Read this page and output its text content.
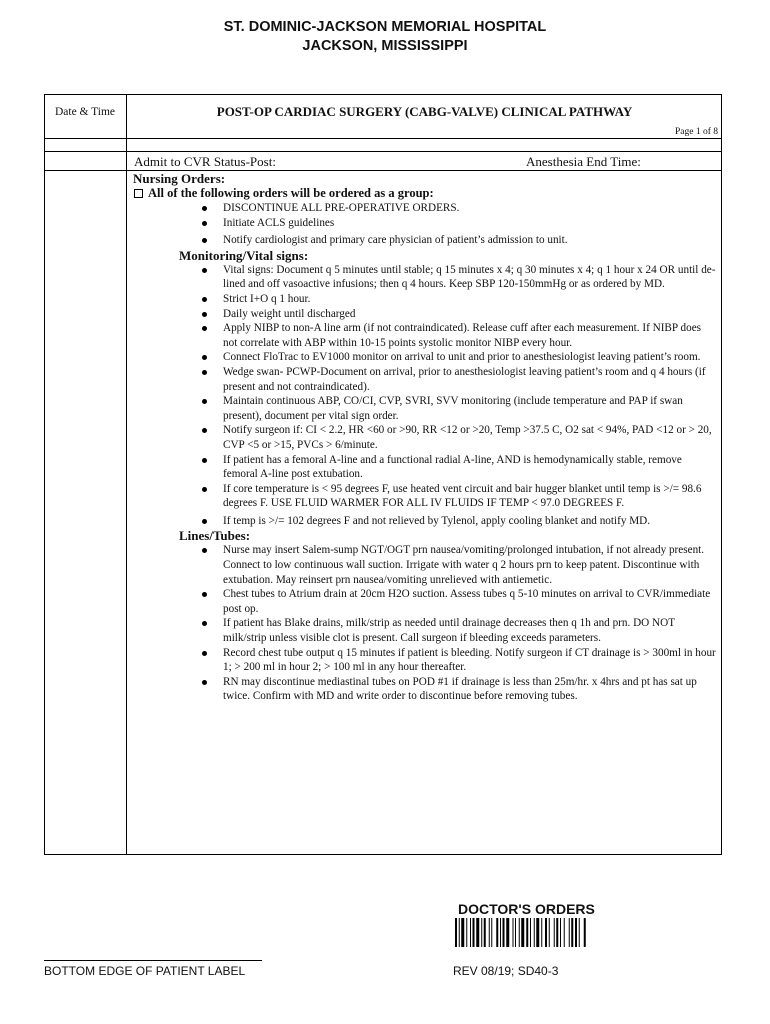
ST. DOMINIC-JACKSON MEMORIAL HOSPITAL
JACKSON, MISSISSIPPI
Date & Time	POST-OP CARDIAC SURGERY (CABG-VALVE) CLINICAL PATHWAY
Page 1 of 8
Admit to CVR Status-Post:	Anesthesia End Time:
Nursing Orders:
All of the following orders will be ordered as a group:
DISCONTINUE ALL PRE-OPERATIVE ORDERS.
Initiate ACLS guidelines
Notify cardiologist and primary care physician of patient’s admission to unit.
Monitoring/Vital signs:
Vital signs: Document q 5 minutes until stable; q 15 minutes x 4; q 30 minutes x 4; q 1 hour x 24 OR until de-lined and off vasoactive infusions; then q 4 hours. Keep SBP 120-150mmHg or as ordered by MD.
Strict I+O q 1 hour.
Daily weight until discharged
Apply NIBP to non-A line arm (if not contraindicated). Release cuff after each measurement. If NIBP does not correlate with ABP within 10-15 points systolic monitor NIBP every hour.
Connect FloTrac to EV1000 monitor on arrival to unit and prior to anesthesiologist leaving patient’s room.
Wedge swan- PCWP-Document on arrival, prior to anesthesiologist leaving patient’s room and q 4 hours (if present and not contraindicated).
Maintain continuous ABP, CO/CI, CVP, SVRI, SVV monitoring (include temperature and PAP if swan present), document per vital sign order.
Notify surgeon if: CI < 2.2, HR <60 or >90, RR <12 or >20, Temp >37.5 C, O2 sat < 94%, PAD <12 or > 20, CVP <5 or >15, PVCs > 6/minute.
If patient has a femoral A-line and a functional radial A-line, AND is hemodynamically stable, remove femoral A-line post extubation.
If core temperature is < 95 degrees F, use heated vent circuit and bair hugger blanket until temp is >/= 98.6 degrees F. USE FLUID WARMER FOR ALL IV FLUIDS IF TEMP < 97.0 DEGREES F.
If temp is >/= 102 degrees F and not relieved by Tylenol, apply cooling blanket and notify MD.
Lines/Tubes:
Nurse may insert Salem-sump NGT/OGT prn nausea/vomiting/prolonged intubation, if not already present. Connect to low continuous wall suction. Irrigate with water q 2 hours prn to keep patent. Discontinue with extubation. May reinsert prn nausea/vomiting unrelieved with antiemetic.
Chest tubes to Atrium drain at 20cm H2O suction. Assess tubes q 5-10 minutes on arrival to CVR/immediate post op.
If patient has Blake drains, milk/strip as needed until drainage decreases then q 1h and prn. DO NOT milk/strip unless visible clot is present. Call surgeon if bleeding exceeds parameters.
Record chest tube output q 15 minutes if patient is bleeding. Notify surgeon if CT drainage is > 300ml in hour 1; > 200 ml in hour 2; > 100 ml in any hour thereafter.
RN may discontinue mediastinal tubes on POD #1 if drainage is less than 25m/hr. x 4hrs and pt has sat up twice. Confirm with MD and write order to discontinue before removing tubes.
DOCTOR'S ORDERS
BOTTOM EDGE OF PATIENT LABEL	REV 08/19; SD40-3
